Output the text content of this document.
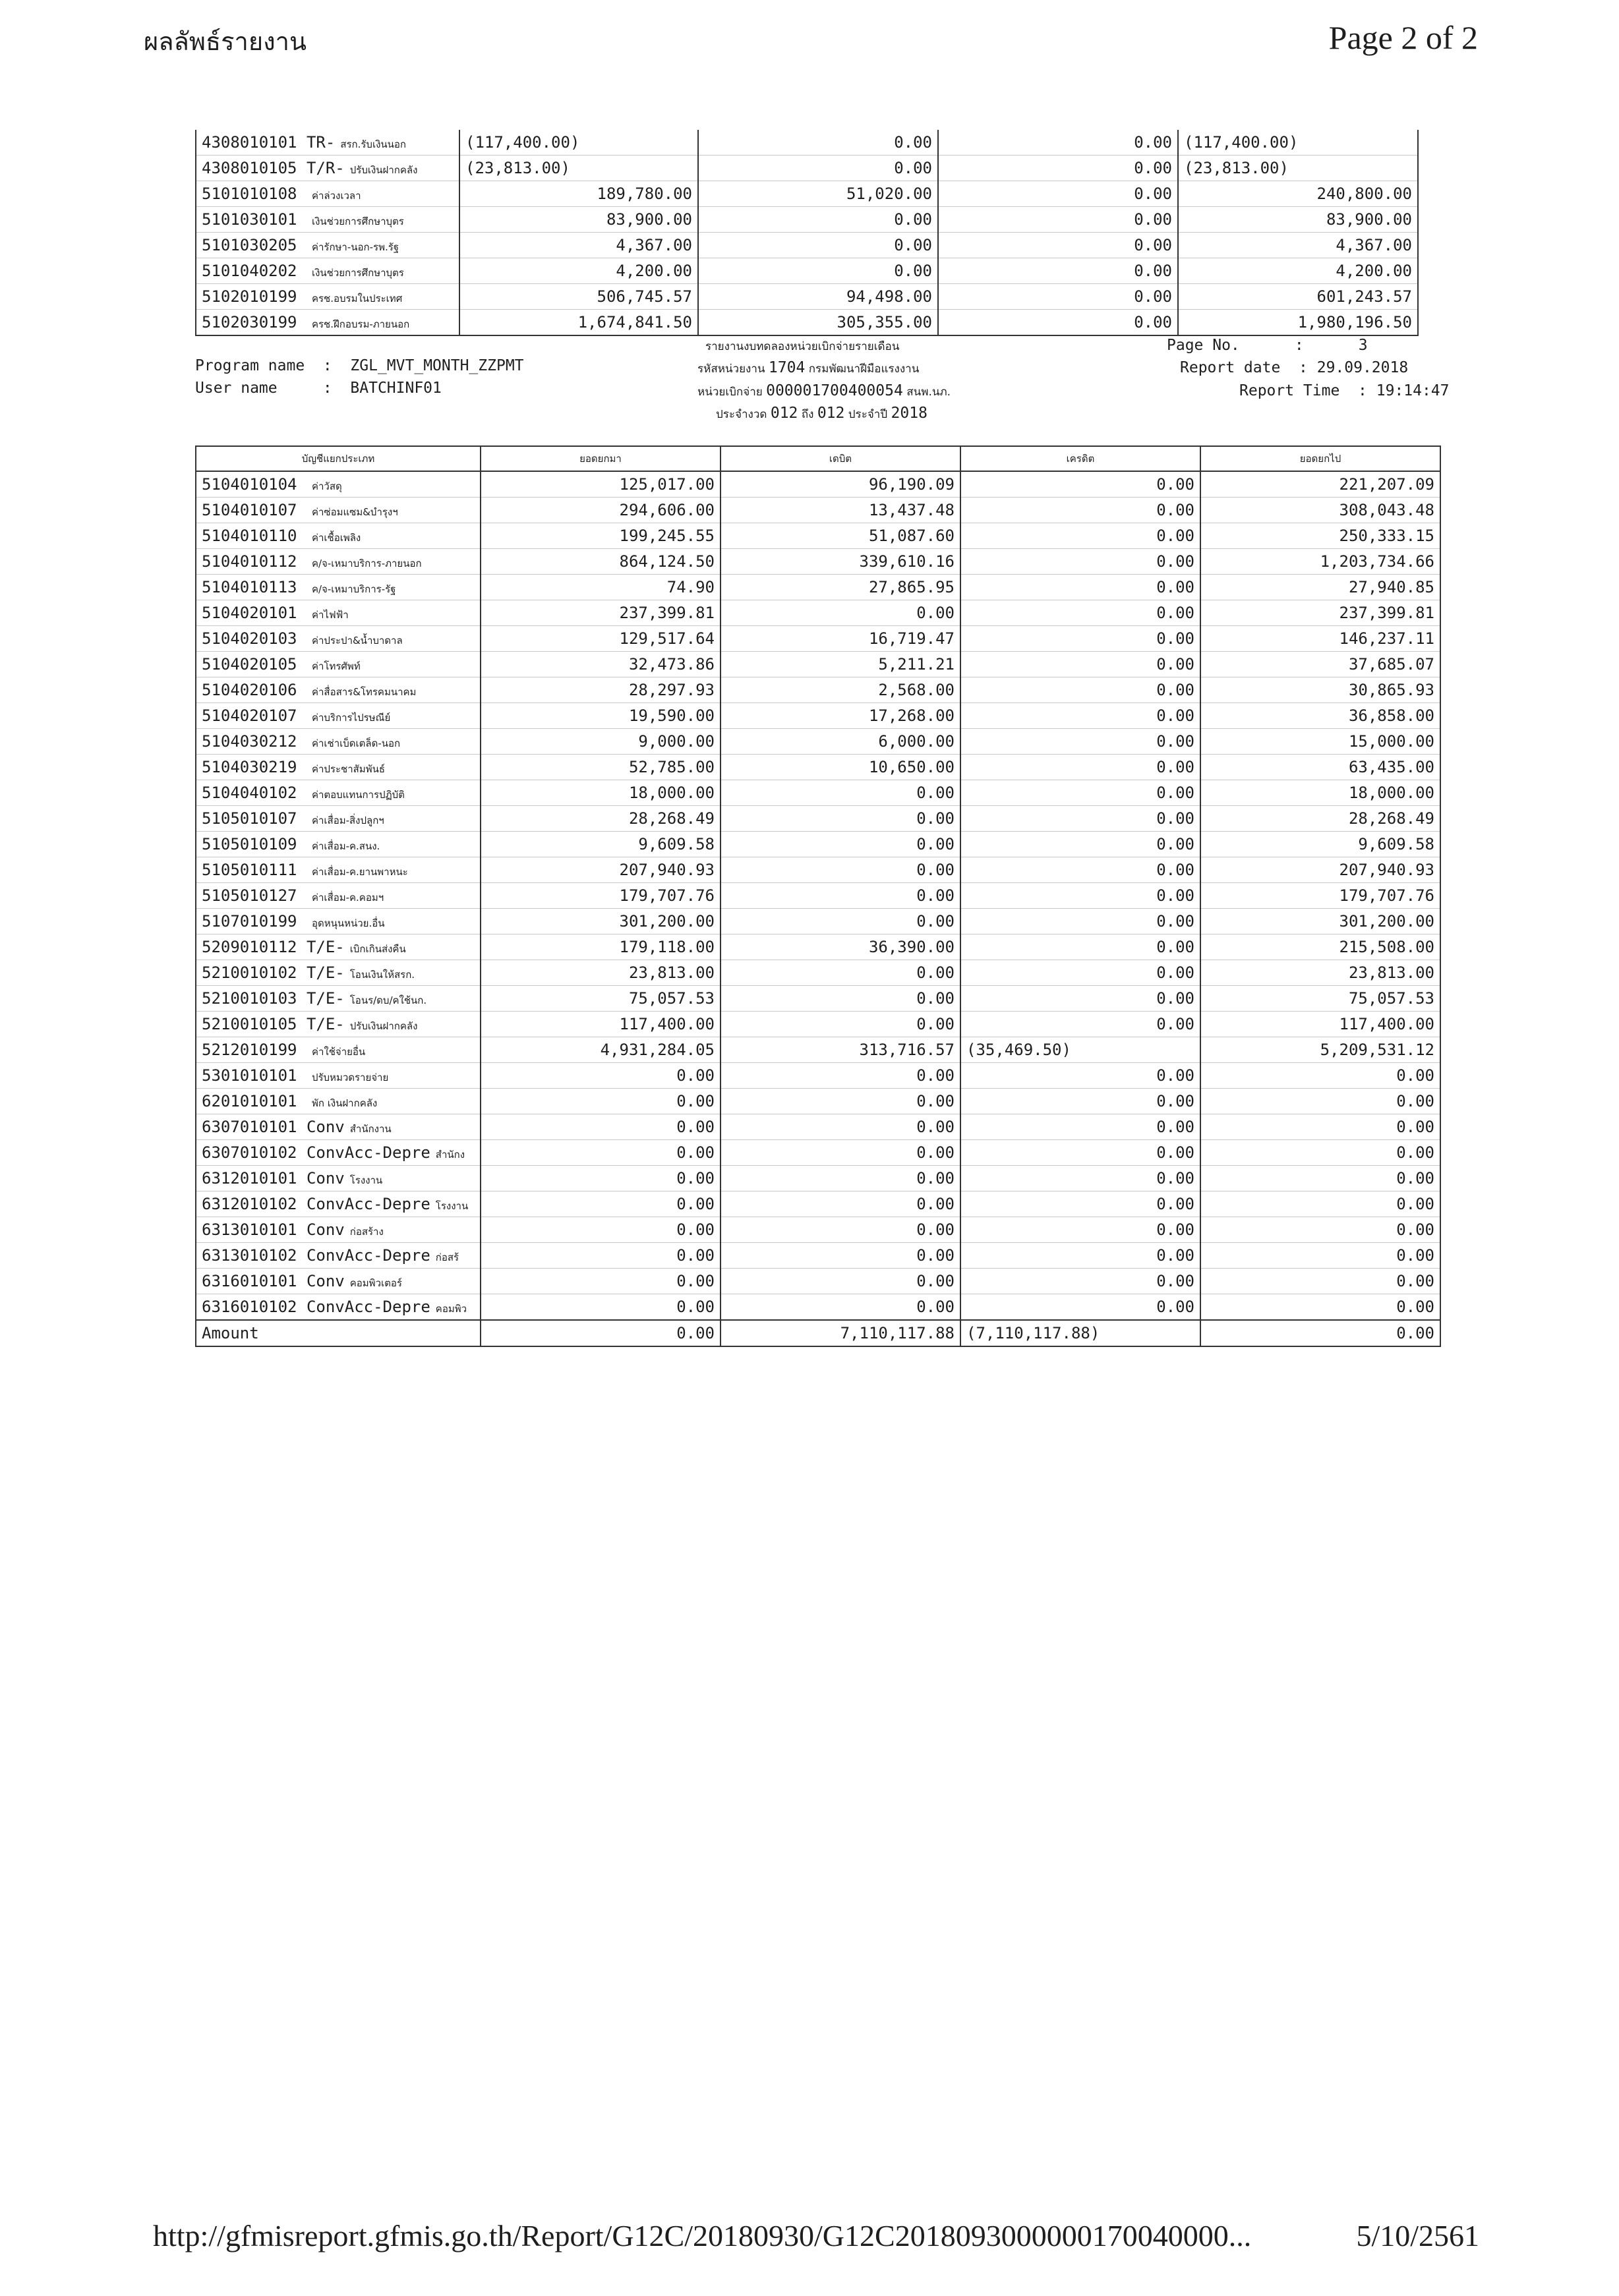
ผลลัพธ์รายงาน	Page 2 of 2
4308010101 TR- สรก.รับเงินนอก	(117,400.00)	0.00	0.00	(117,400.00)
4308010105 T/R- ปรับเงินฝากคลัง	(23,813.00)	0.00	0.00	(23,813.00)
5101010108 ค่าล่วงเวลา	189,780.00	51,020.00	0.00	240,800.00
5101030101 เงินช่วยการศึกษาบุตร	83,900.00	0.00	0.00	83,900.00
5101030205 ค่ารักษา-นอก-รพ.รัฐ	4,367.00	0.00	0.00	4,367.00
5101040202 เงินช่วยการศึกษาบุตร	4,200.00	0.00	0.00	4,200.00
5102010199 ครช.อบรมในประเทศ	506,745.57	94,498.00	0.00	601,243.57
5102030199 ครช.ฝึกอบรม-ภายนอก	1,674,841.50	305,355.00	0.00	1,980,196.50
Program name  :  ZGL_MVT_MONTH_ZZPMT
User name     :  BATCHINF01
รายงานงบทดลองหน่วยเบิกจ่ายรายเดือน
รหัสหน่วยงาน 1704 กรมพัฒนาฝีมือแรงงาน
หน่วยเบิกจ่าย 000001700400054 สนพ.นภ.
ประจำงวด 012 ถึง 012 ประจำปี 2018
Page No.      :      3
Report date  : 29.09.2018
Report Time  : 19:14:47
บัญชีแยกประเภท	ยอดยกมา	เดบิต	เครดิต	ยอดยกไป
5104010104 ค่าวัสดุ	125,017.00	96,190.09	0.00	221,207.09
5104010107 ค่าซ่อมแซม&บำรุงฯ	294,606.00	13,437.48	0.00	308,043.48
5104010110 ค่าเชื้อเพลิง	199,245.55	51,087.60	0.00	250,333.15
5104010112 ค/จ-เหมาบริการ-ภายนอก	864,124.50	339,610.16	0.00	1,203,734.66
5104010113 ค/จ-เหมาบริการ-รัฐ	74.90	27,865.95	0.00	27,940.85
5104020101 ค่าไฟฟ้า	237,399.81	0.00	0.00	237,399.81
5104020103 ค่าประปา&น้ำบาดาล	129,517.64	16,719.47	0.00	146,237.11
5104020105 ค่าโทรศัพท์	32,473.86	5,211.21	0.00	37,685.07
5104020106 ค่าสื่อสาร&โทรคมนาคม	28,297.93	2,568.00	0.00	30,865.93
5104020107 ค่าบริการไปรษณีย์	19,590.00	17,268.00	0.00	36,858.00
5104030212 ค่าเช่าเบ็ดเตล็ด-นอก	9,000.00	6,000.00	0.00	15,000.00
5104030219 ค่าประชาสัมพันธ์	52,785.00	10,650.00	0.00	63,435.00
5104040102 ค่าตอบแทนการปฏิบัติ	18,000.00	0.00	0.00	18,000.00
5105010107 ค่าเสื่อม-สิ่งปลูกฯ	28,268.49	0.00	0.00	28,268.49
5105010109 ค่าเสื่อม-ค.สนง.	9,609.58	0.00	0.00	9,609.58
5105010111 ค่าเสื่อม-ค.ยานพาหนะ	207,940.93	0.00	0.00	207,940.93
5105010127 ค่าเสื่อม-ค.คอมฯ	179,707.76	0.00	0.00	179,707.76
5107010199 อุดหนุนหน่วย.อื่น	301,200.00	0.00	0.00	301,200.00
5209010112 T/E- เบิกเกินส่งคืน	179,118.00	36,390.00	0.00	215,508.00
5210010102 T/E- โอนเงินให้สรก.	23,813.00	0.00	0.00	23,813.00
5210010103 T/E- โอนร/ดบ/คใช้นก.	75,057.53	0.00	0.00	75,057.53
5210010105 T/E- ปรับเงินฝากคลัง	117,400.00	0.00	0.00	117,400.00
5212010199 ค่าใช้จ่ายอื่น	4,931,284.05	313,716.57	(35,469.50)	5,209,531.12
5301010101 ปรับหมวดรายจ่าย	0.00	0.00	0.00	0.00
6201010101 พัก เงินฝากคลัง	0.00	0.00	0.00	0.00
6307010101 Conv สำนักงาน	0.00	0.00	0.00	0.00
6307010102 ConvAcc-Depre สำนักง	0.00	0.00	0.00	0.00
6312010101 Conv โรงงาน	0.00	0.00	0.00	0.00
6312010102 ConvAcc-Depre โรงงาน	0.00	0.00	0.00	0.00
6313010101 Conv ก่อสร้าง	0.00	0.00	0.00	0.00
6313010102 ConvAcc-Depre ก่อสร้	0.00	0.00	0.00	0.00
6316010101 Conv คอมพิวเตอร์	0.00	0.00	0.00	0.00
6316010102 ConvAcc-Depre คอมพิว	0.00	0.00	0.00	0.00
Amount	0.00	7,110,117.88	(7,110,117.88)	0.00
http://gfmisreport.gfmis.go.th/Report/G12C/20180930/G12C2018093000000170040000...	5/10/2561
